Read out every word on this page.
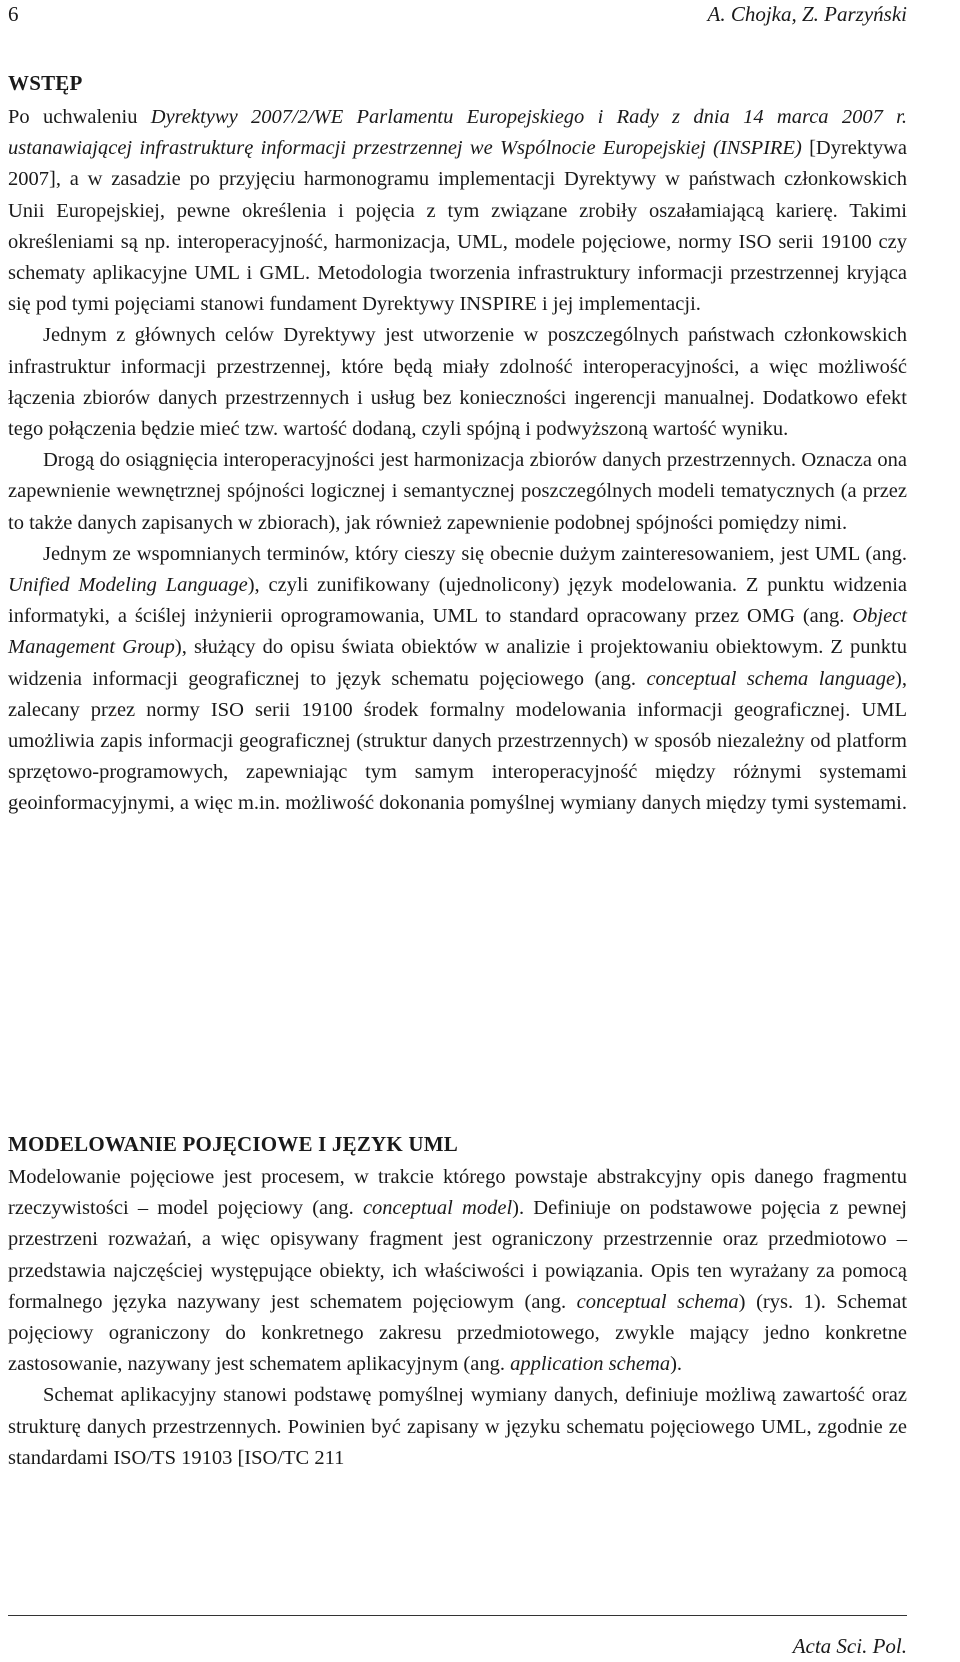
6	A. Chojka, Z. Parzyński
WSTĘP

Po uchwaleniu Dyrektywy 2007/2/WE Parlamentu Europejskiego i Rady z dnia 14 marca 2007 r. ustanawiającej infrastrukturę informacji przestrzennej we Wspólnocie Europejskiej (INSPIRE) [Dyrektywa 2007], a w zasadzie po przyjęciu harmonogramu implementacji Dyrektywy w państwach członkowskich Unii Europejskiej, pewne określenia i pojęcia z tym związane zrobiły oszałamiającą karierę. Takimi określeniami są np. interoperacyjność, harmonizacja, UML, modele pojęciowe, normy ISO serii 19100 czy schematy aplikacyjne UML i GML. Metodologia tworzenia infrastruktury informacji przestrzennej kryjąca się pod tymi pojęciami stanowi fundament Dyrektywy INSPIRE i jej implementacji.

Jednym z głównych celów Dyrektywy jest utworzenie w poszczególnych państwach członkowskich infrastruktur informacji przestrzennej, które będą miały zdolność interoperacyjności, a więc możliwość łączenia zbiorów danych przestrzennych i usług bez konieczności ingerencji manualnej. Dodatkowo efekt tego połączenia będzie mieć tzw. wartość dodaną, czyli spójną i podwyższoną wartość wyniku.

Drogą do osiągnięcia interoperacyjności jest harmonizacja zbiorów danych przestrzennych. Oznacza ona zapewnienie wewnętrznej spójności logicznej i semantycznej poszczególnych modeli tematycznych (a przez to także danych zapisanych w zbiorach), jak również zapewnienie podobnej spójności pomiędzy nimi.

Jednym ze wspomnianych terminów, który cieszy się obecnie dużym zainteresowaniem, jest UML (ang. Unified Modeling Language), czyli zunifikowany (ujednolicony) język modelowania. Z punktu widzenia informatyki, a ściślej inżynierii oprogramowania, UML to standard opracowany przez OMG (ang. Object Management Group), służący do opisu świata obiektów w analizie i projektowaniu obiektowym. Z punktu widzenia informacji geograficznej to język schematu pojęciowego (ang. conceptual schema language), zalecany przez normy ISO serii 19100 środek formalny modelowania informacji geograficznej. UML umożliwia zapis informacji geograficznej (struktur danych przestrzennych) w sposób niezależny od platform sprzętowo-programowych, zapewniając tym samym interoperacyjność między różnymi systemami geoinformacyjnymi, a więc m.in. możliwość dokonania pomyślnej wymiany danych między tymi systemami.

MODELOWANIE POJĘCIOWE I JĘZYK UML

Modelowanie pojęciowe jest procesem, w trakcie którego powstaje abstrakcyjny opis danego fragmentu rzeczywistości – model pojęciowy (ang. conceptual model). Definiuje on podstawowe pojęcia z pewnej przestrzeni rozważań, a więc opisywany fragment jest ograniczony przestrzennie oraz przedmiotowo – przedstawia najczęściej występujące obiekty, ich właściwości i powiązania. Opis ten wyrażany za pomocą formalnego języka nazywany jest schematem pojęciowym (ang. conceptual schema) (rys. 1). Schemat pojęciowy ograniczony do konkretnego zakresu przedmiotowego, zwykle mający jedno konkretne zastosowanie, nazywany jest schematem aplikacyjnym (ang. application schema).

Schemat aplikacyjny stanowi podstawę pomyślnej wymiany danych, definiuje możliwą zawartość oraz strukturę danych przestrzennych. Powinien być zapisany w języku schematu pojęciowego UML, zgodnie ze standardami ISO/TS 19103 [ISO/TC 211

Acta Sci. Pol.
